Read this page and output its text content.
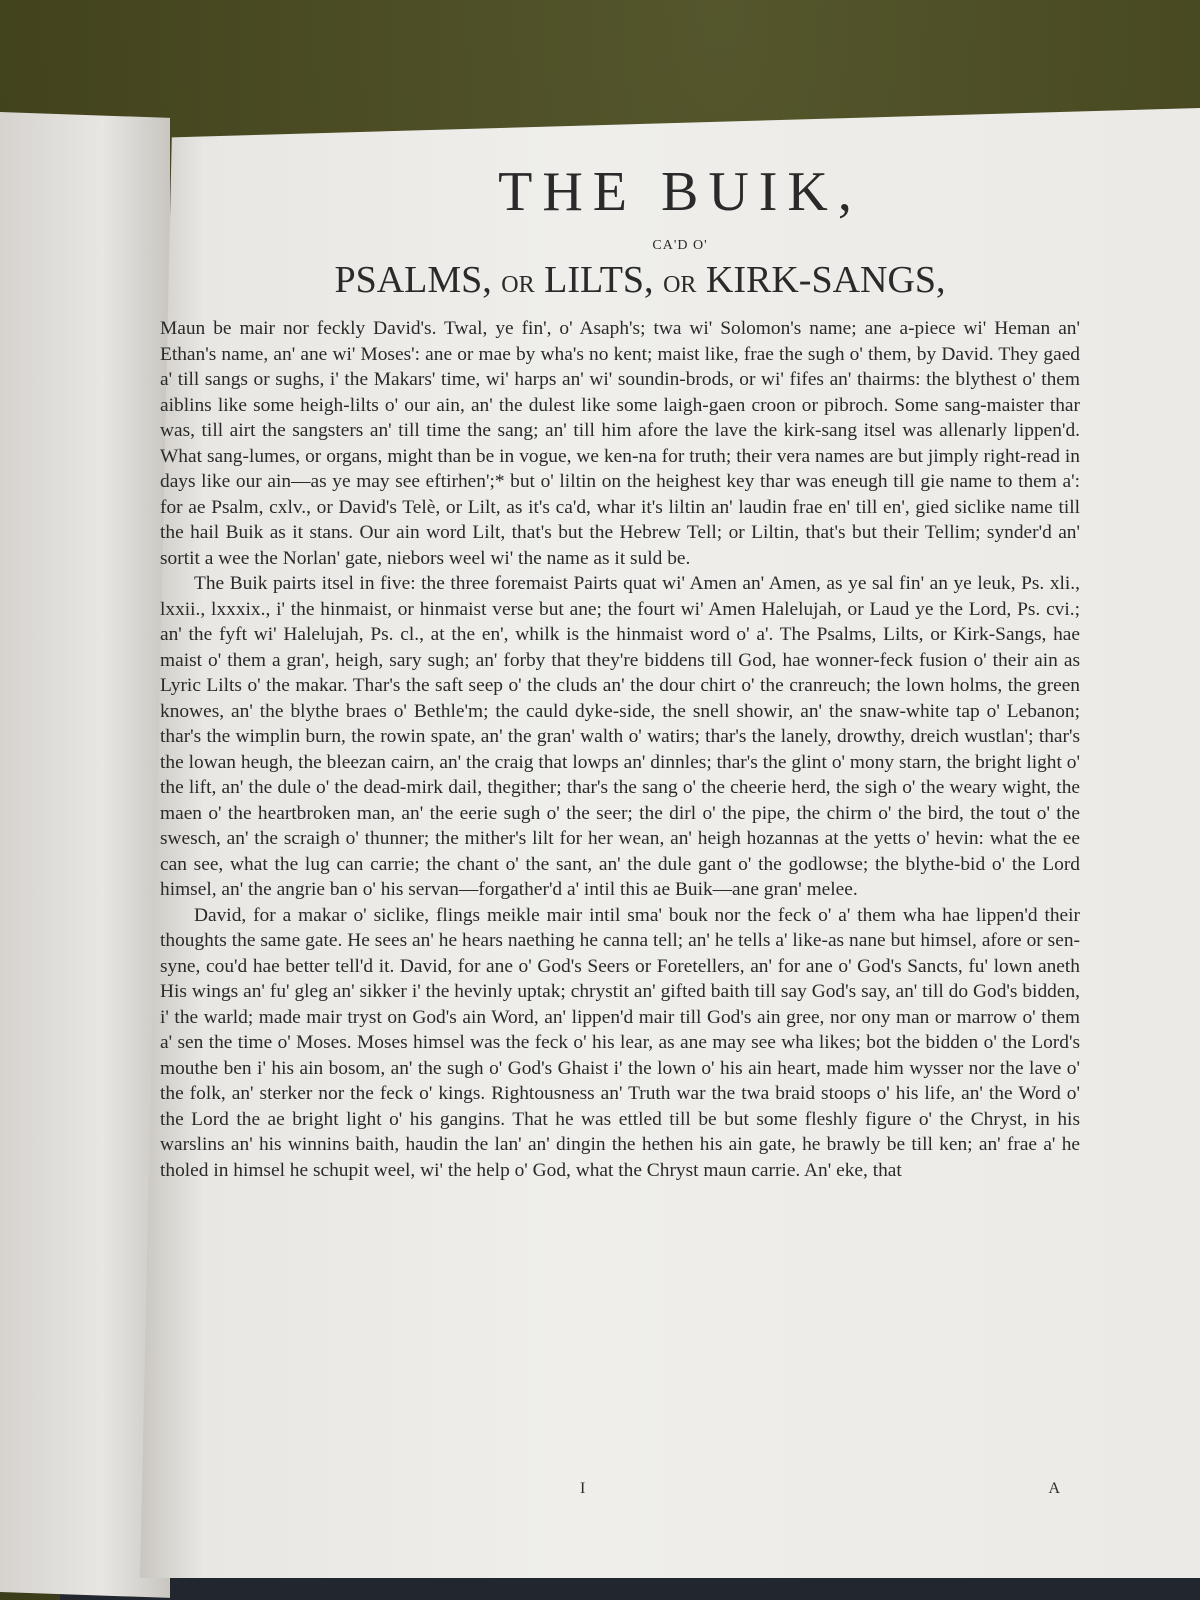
THE BUIK,
CA'D O'
PSALMS, OR LILTS, OR KIRK-SANGS,

Maun be mair nor feckly David's. Twal, ye fin', o' Asaph's; twa wi' Solomon's name; ane a-piece wi' Heman an' Ethan's name, an' ane wi' Moses': ane or mae by wha's no kent; maist like, frae the sugh o' them, by David. They gaed a' till sangs or sughs, i' the Makars' time, wi' harps an' wi' soundin-brods, or wi' fifes an' thairms: the blythest o' them aiblins like some heigh-lilts o' our ain, an' the dulest like some laigh-gaen croon or pibroch. Some sang-maister thar was, till airt the sangsters an' till time the sang; an' till him afore the lave the kirk-sang itsel was allenarly lippen'd. What sang-lumes, or organs, might than be in vogue, we ken-na for truth; their vera names are but jimply right-read in days like our ain—as ye may see eftirhen';* but o' liltin on the heighest key thar was eneugh till gie name to them a': for ae Psalm, cxlv., or David's Telè, or Lilt, as it's ca'd, whar it's liltin an' laudin frae en' till en', gied siclike name till the hail Buik as it stans. Our ain word Lilt, that's but the Hebrew Tell; or Liltin, that's but their Tellim; synder'd an' sortit a wee the Norlan' gate, niebors weel wi' the name as it suld be.

The Buik pairts itsel in five: the three foremaist Pairts quat wi' Amen an' Amen, as ye sal fin' an ye leuk, Ps. xli., lxxii., lxxxix., i' the hinmaist, or hinmaist verse but ane; the fourt wi' Amen Halelujah, or Laud ye the Lord, Ps. cvi.; an' the fyft wi' Halelujah, Ps. cl., at the en', whilk is the hinmaist word o' a'. The Psalms, Lilts, or Kirk-Sangs, hae maist o' them a gran', heigh, sary sugh; an' forby that they're biddens till God, hae wonner-feck fusion o' their ain as Lyric Lilts o' the makar. Thar's the saft seep o' the cluds an' the dour chirt o' the cranreuch; the lown holms, the green knowes, an' the blythe braes o' Bethle'm; the cauld dyke-side, the snell showir, an' the snaw-white tap o' Lebanon; thar's the wimplin burn, the rowin spate, an' the gran' walth o' watirs; thar's the lanely, drowthy, dreich wustlan'; thar's the lowan heugh, the bleezan cairn, an' the craig that lowps an' dinnles; thar's the glint o' mony starn, the bright light o' the lift, an' the dule o' the dead-mirk dail, thegither; thar's the sang o' the cheerie herd, the sigh o' the weary wight, the maen o' the heartbroken man, an' the eerie sugh o' the seer; the dirl o' the pipe, the chirm o' the bird, the tout o' the swesch, an' the scraigh o' thunner; the mither's lilt for her wean, an' heigh hozannas at the yetts o' hevin: what the ee can see, what the lug can carrie; the chant o' the sant, an' the dule gant o' the godlowse; the blythe-bid o' the Lord himsel, an' the angrie ban o' his servan—forgather'd a' intil this ae Buik—ane gran' melee.

David, for a makar o' siclike, flings meikle mair intil sma' bouk nor the feck o' a' them wha hae lippen'd their thoughts the same gate. He sees an' he hears naething he canna tell; an' he tells a' like-as nane but himsel, afore or sen-syne, cou'd hae better tell'd it. David, for ane o' God's Seers or Foretellers, an' for ane o' God's Sancts, fu' lown aneth His wings an' fu' gleg an' sikker i' the hevinly uptak; chrystit an' gifted baith till say God's say, an' till do God's bidden, i' the warld; made mair tryst on God's ain Word, an' lippen'd mair till God's ain gree, nor ony man or marrow o' them a' sen the time o' Moses. Moses himsel was the feck o' his lear, as ane may see wha likes; bot the bidden o' the Lord's mouthe ben i' his ain bosom, an' the sugh o' God's Ghaist i' the lown o' his ain heart, made him wysser nor the lave o' the folk, an' sterker nor the feck o' kings. Rightousness an' Truth war the twa braid stoops o' his life, an' the Word o' the Lord the ae bright light o' his gangins. That he was ettled till be but some fleshly figure o' the Chryst, in his warslins an' his winnins baith, haudin the lan' an' dingin the hethen his ain gate, he brawly be till ken; an' frae a' he tholed in himsel he schupit weel, wi' the help o' God, what the Chryst maun carrie. An' eke, that

I	A
